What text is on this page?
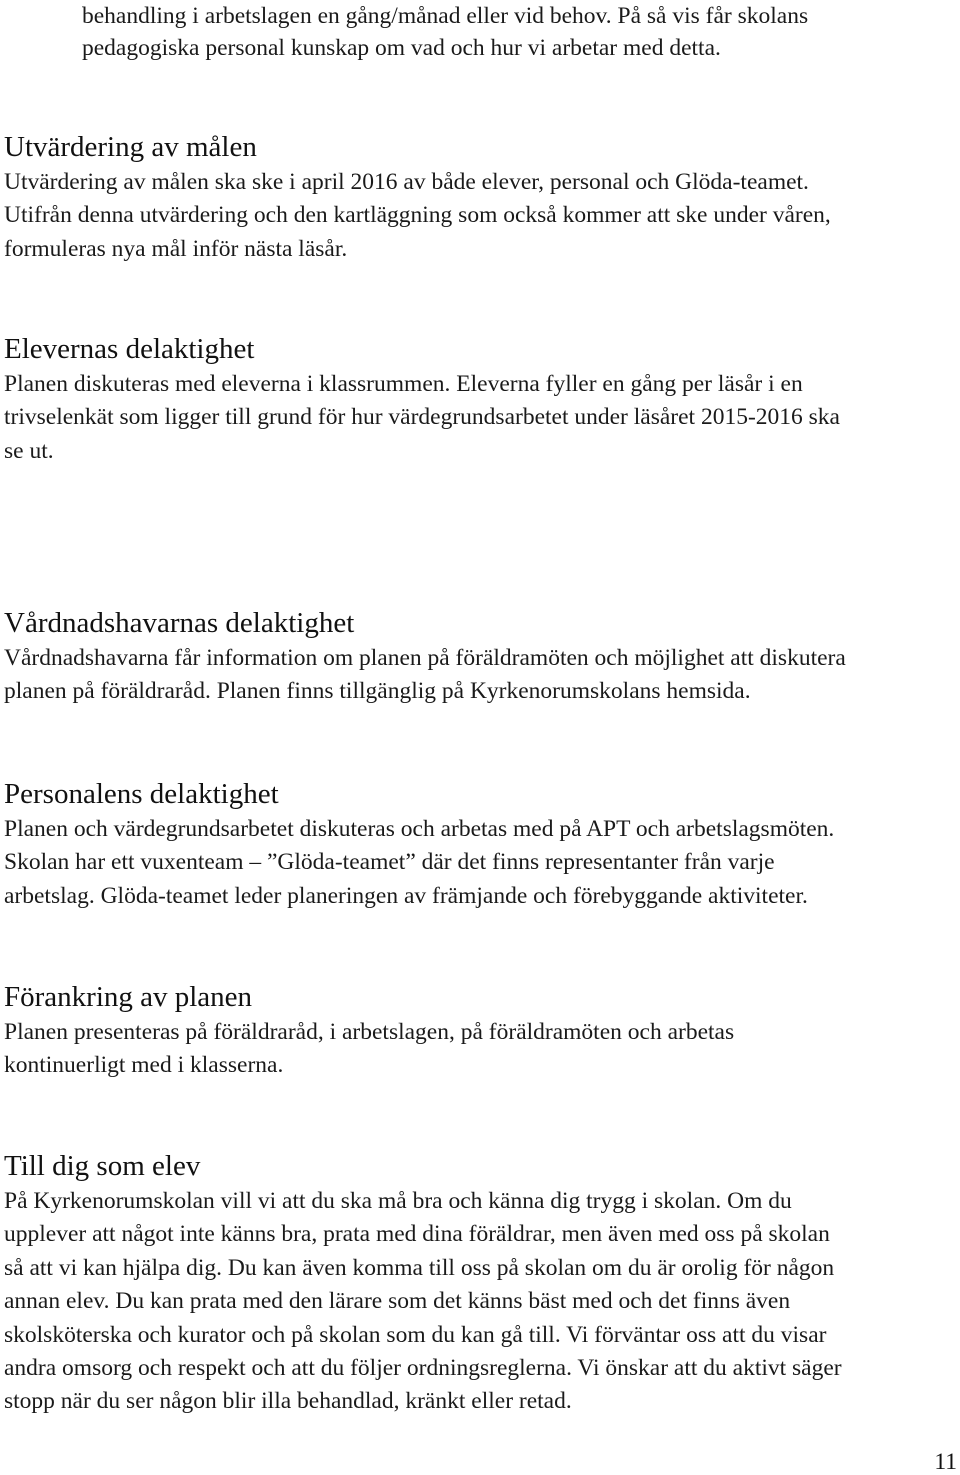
behandling i arbetslagen en gång/månad eller vid behov. På så vis får skolans
pedagogiska personal kunskap om vad och hur vi arbetar med detta.
Utvärdering av målen
Utvärdering av målen ska ske i april 2016 av både elever, personal och Glöda-teamet.
Utifrån denna utvärdering och den kartläggning som också kommer att ske under våren,
formuleras nya mål inför nästa läsår.
Elevernas delaktighet
Planen diskuteras med eleverna i klassrummen. Eleverna fyller en gång per läsår i en
trivselenkät som ligger till grund för hur värdegrundsarbetet under läsåret 2015-2016 ska
se ut.
Vårdnadshavarnas delaktighet
Vårdnadshavarna får information om planen på föräldramöten och möjlighet att diskutera
planen på föräldraråd. Planen finns tillgänglig på Kyrkenorumskolans hemsida.
Personalens delaktighet
Planen och värdegrundsarbetet diskuteras och arbetas med på APT och arbetslagsmöten.
Skolan har ett vuxenteam – ”Glöda-teamet” där det finns representanter från varje
arbetslag. Glöda-teamet leder planeringen av främjande och förebyggande aktiviteter.
Förankring av planen
Planen presenteras på föräldraråd, i arbetslagen, på föräldramöten och arbetas
kontinuerligt med i klasserna.
Till dig som elev
På Kyrkenorumskolan vill vi att du ska må bra och känna dig trygg i skolan. Om du
upplever att något inte känns bra, prata med dina föräldrar, men även med oss på skolan
så att vi kan hjälpa dig. Du kan även komma till oss på skolan om du är orolig för någon
annan elev. Du kan prata med den lärare som det känns bäst med och det finns även
skolsköterska och kurator och på skolan som du kan gå till. Vi förväntar oss att du visar
andra omsorg och respekt och att du följer ordningsreglerna. Vi önskar att du aktivt säger
stopp när du ser någon blir illa behandlad, kränkt eller retad.
11
